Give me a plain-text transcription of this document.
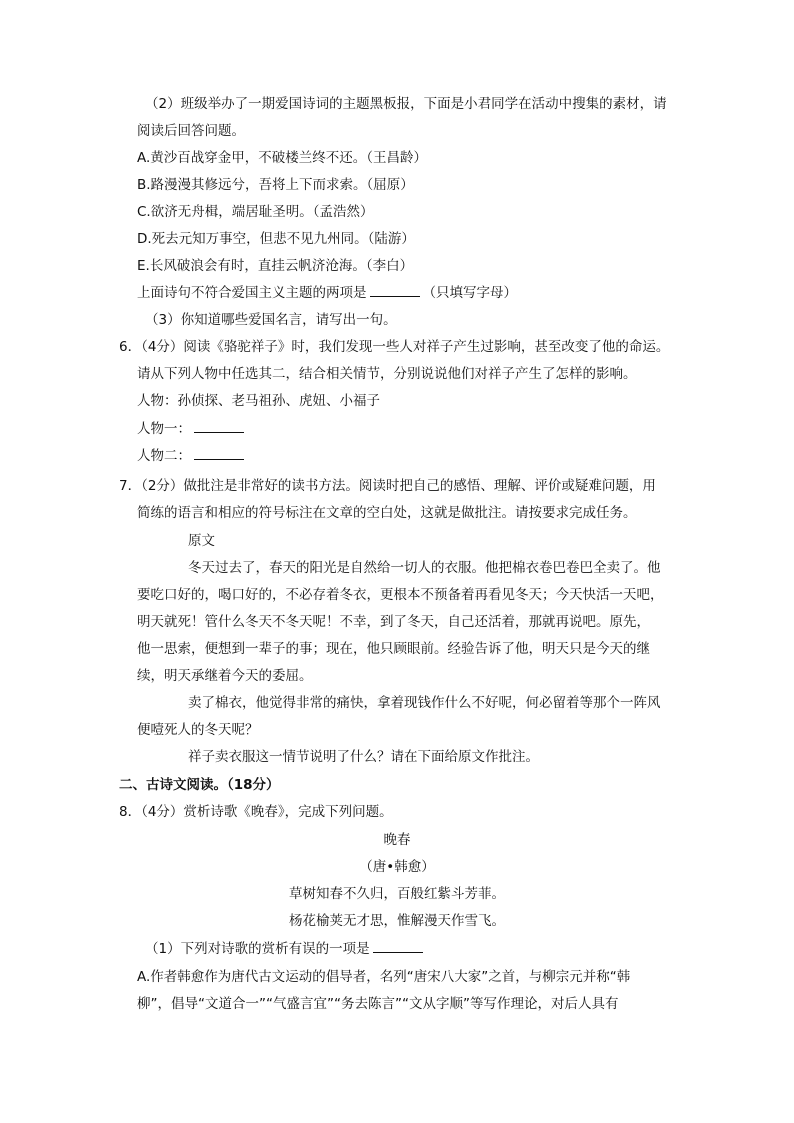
（2）班级举办了一期爱国诗词的主题黑板报，下面是小君同学在活动中搜集的素材，请
阅读后回答问题。
A.黄沙百战穿金甲，不破楼兰终不还。（王昌龄）
B.路漫漫其修远兮，吾将上下而求索。（屈原）
C.欲济无舟楫，端居耻圣明。（孟浩然）
D.死去元知万事空，但悲不见九州同。（陆游）
E.长风破浪会有时，直挂云帆济沧海。（李白）
上面诗句不符合爱国主义主题的两项是	（只填写字母）
（3）你知道哪些爱国名言，请写出一句。
6．（4分）阅读《骆驼祥子》时，我们发现一些人对祥子产生过影响，甚至改变了他的命运。
请从下列人物中任选其二，结合相关情节，分别说说他们对祥子产生了怎样的影响。
人物：孙侦探、老马祖孙、虎妞、小福子
人物一：
人物二：
7．（2分）做批注是非常好的读书方法。阅读时把自己的感悟、理解、评价或疑难问题，用
简练的语言和相应的符号标注在文章的空白处，这就是做批注。请按要求完成任务。
原文
冬天过去了，春天的阳光是自然给一切人的衣服。他把棉衣卷巴卷巴全卖了。他
要吃口好的，喝口好的，不必存着冬衣，更根本不预备着再看见冬天；今天快活一天吧，
明天就死！管什么冬天不冬天呢！不幸，到了冬天，自己还活着，那就再说吧。原先，
他一思索，便想到一辈子的事；现在，他只顾眼前。经验告诉了他，明天只是今天的继
续，明天承继着今天的委屈。
卖了棉衣，他觉得非常的痛快，拿着现钱作什么不好呢，何必留着等那个一阵风
便噎死人的冬天呢？
祥子卖衣服这一情节说明了什么？请在下面给原文作批注。
二、古诗文阅读。（18分）
8．（4分）赏析诗歌《晚春》，完成下列问题。
晚春
（唐•韩愈）
草树知春不久归，百般红紫斗芳菲。
杨花榆荚无才思，惟解漫天作雪飞。
（1）下列对诗歌的赏析有误的一项是
A.作者韩愈作为唐代古文运动的倡导者，名列“唐宋八大家”之首，与柳宗元并称“韩
柳”，倡导“文道合一”“气盛言宜”“务去陈言”“文从字顺”等写作理论，对后人具有
